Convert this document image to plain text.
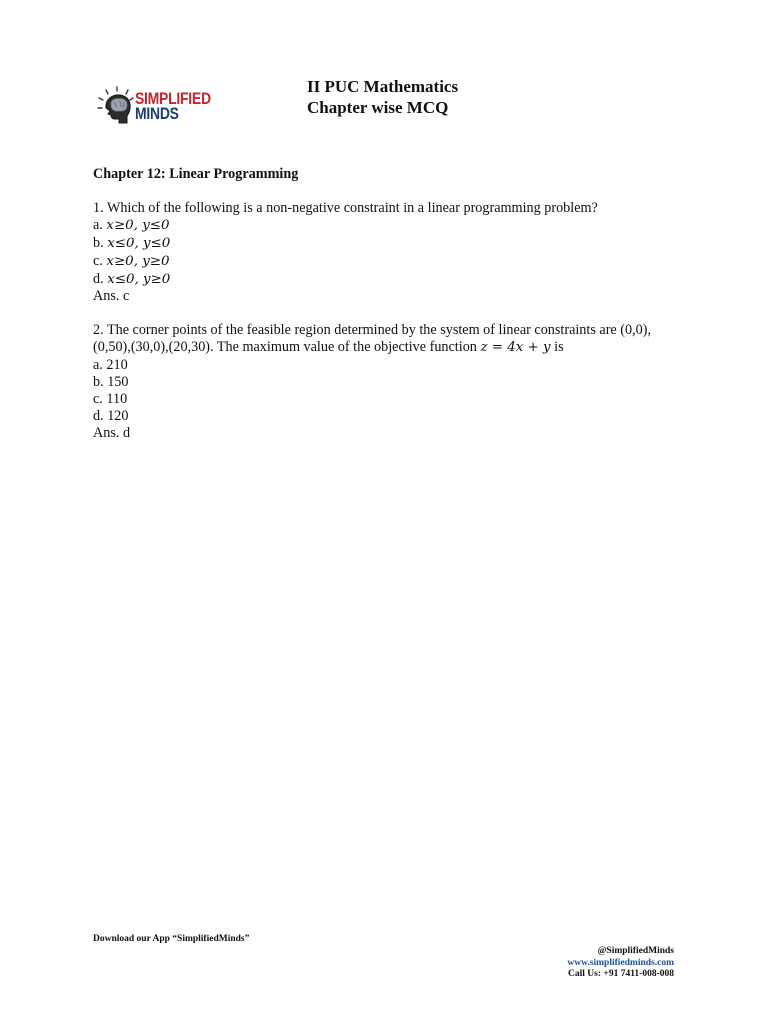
SIMPLIFIED
MINDS
II PUC Mathematics
Chapter wise MCQ
Chapter 12: Linear Programming
1. Which of the following is a non-negative constraint in a linear programming problem?
a. x≥0, y≤0
b. x≤0, y≤0
c. x≥0, y≥0
d. x≤0, y≥0
Ans. c
2. The corner points of the feasible region determined by the system of linear constraints are (0,0),(0,50),(30,0),(20,30). The maximum value of the objective function z = 4x + y is
a. 210
b. 150
c. 110
d. 120
Ans. d
Download our App “SimplifiedMinds”
@SimplifiedMinds
www.simplifiedminds.com
Call Us: +91 7411-008-008
